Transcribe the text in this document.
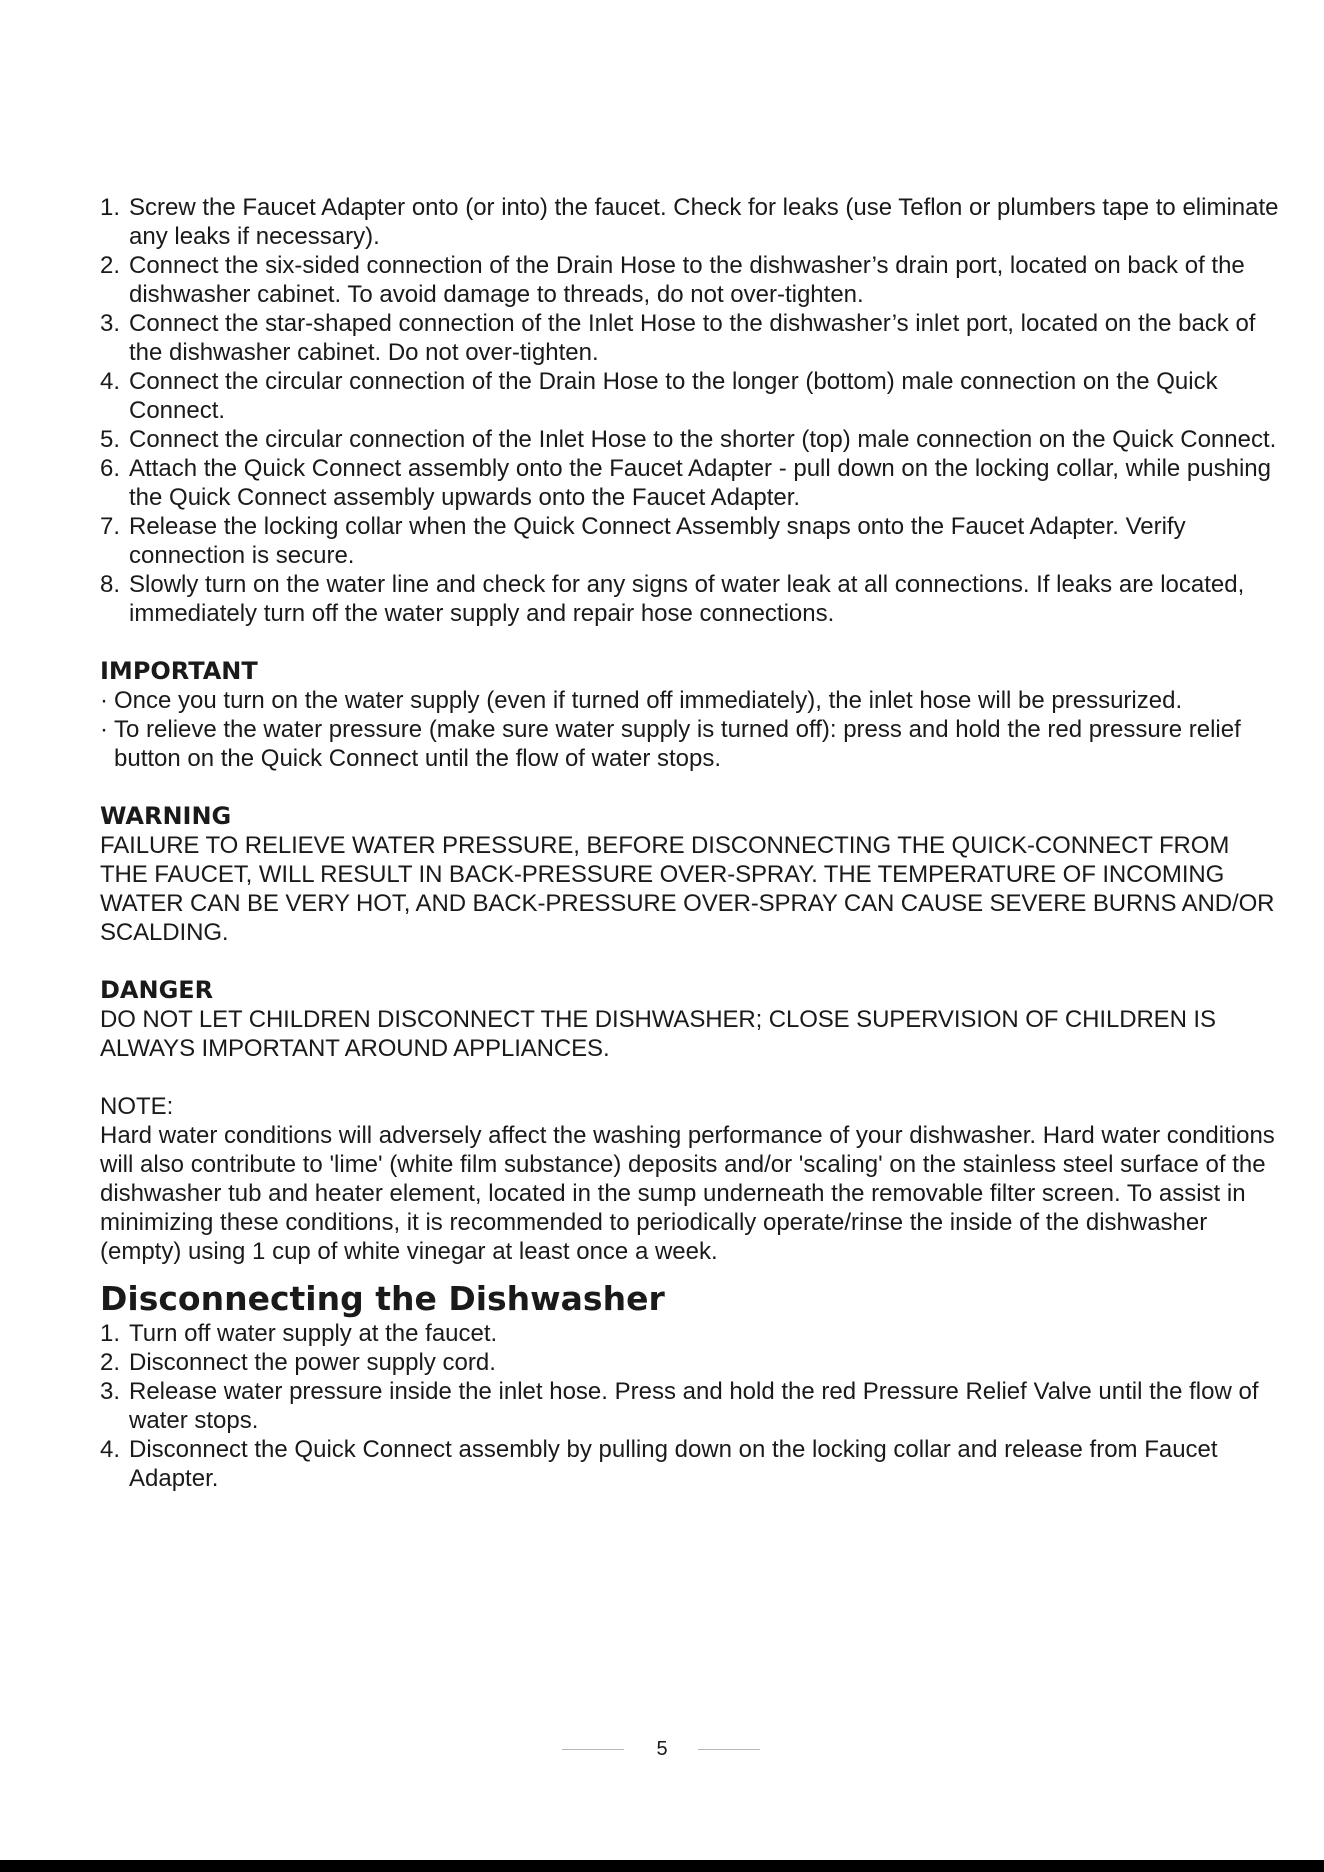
1. Screw the Faucet Adapter onto (or into) the faucet. Check for leaks (use Teflon or plumbers tape to eliminate any leaks if necessary).
2. Connect the six-sided connection of the Drain Hose to the dishwasher’s drain port, located on back of the dishwasher cabinet. To avoid damage to threads, do not over-tighten.
3. Connect the star-shaped connection of the Inlet Hose to the dishwasher’s inlet port, located on the back of the dishwasher cabinet. Do not over-tighten.
4. Connect the circular connection of the Drain Hose to the longer (bottom) male connection on the Quick Connect.
5. Connect the circular connection of the Inlet Hose to the shorter (top) male connection on the Quick Connect.
6. Attach the Quick Connect assembly onto the Faucet Adapter - pull down on the locking collar, while pushing the Quick Connect assembly upwards onto the Faucet Adapter.
7. Release the locking collar when the Quick Connect Assembly snaps onto the Faucet Adapter. Verify connection is secure.
8. Slowly turn on the water line and check for any signs of water leak at all connections. If leaks are located, immediately turn off the water supply and repair hose connections.

IMPORTANT

· Once you turn on the water supply (even if turned off immediately), the inlet hose will be pressurized.
· To relieve the water pressure (make sure water supply is turned off): press and hold the red pressure relief button on the Quick Connect until the flow of water stops.

WARNING

FAILURE TO RELIEVE WATER PRESSURE, BEFORE DISCONNECTING THE QUICK-CONNECT FROM THE FAUCET, WILL RESULT IN BACK-PRESSURE OVER-SPRAY. THE TEMPERATURE OF INCOMING WATER CAN BE VERY HOT, AND BACK-PRESSURE OVER-SPRAY CAN CAUSE SEVERE BURNS AND/OR SCALDING.

DANGER

DO NOT LET CHILDREN DISCONNECT THE DISHWASHER; CLOSE SUPERVISION OF CHILDREN IS ALWAYS IMPORTANT AROUND APPLIANCES.

NOTE:

Hard water conditions will adversely affect the washing performance of your dishwasher. Hard water conditions will also contribute to 'lime' (white film substance) deposits and/or 'scaling' on the stainless steel surface of the dishwasher tub and heater element, located in the sump underneath the removable filter screen. To assist in minimizing these conditions, it is recommended to periodically operate/rinse the inside of the dishwasher (empty) using 1 cup of white vinegar at least once a week.

Disconnecting the Dishwasher
1. Turn off water supply at the faucet.
2. Disconnect the power supply cord.
3. Release water pressure inside the inlet hose. Press and hold the red Pressure Relief Valve until the flow of water stops.
4. Disconnect the Quick Connect assembly by pulling down on the locking collar and release from Faucet Adapter.
5
